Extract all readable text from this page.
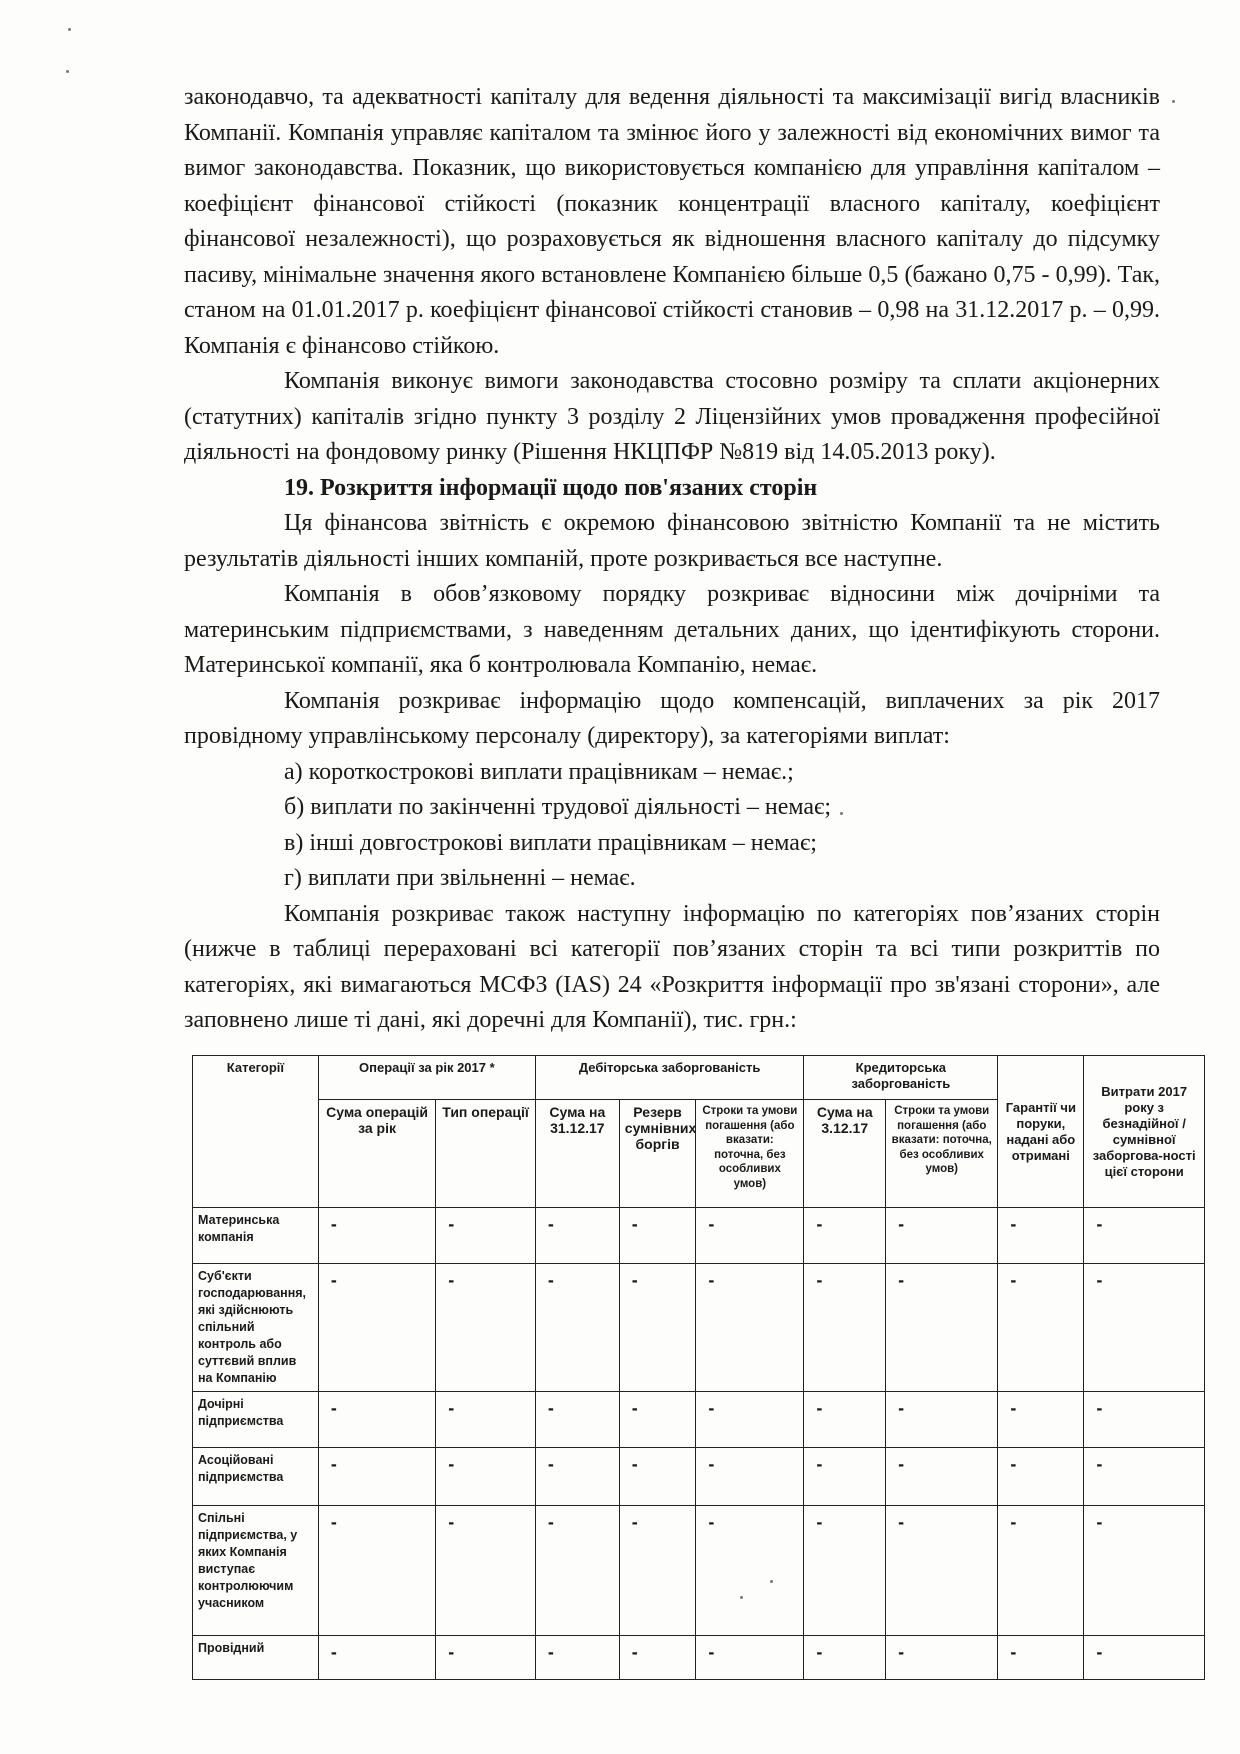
законодавчо, та адекватності капіталу для ведення діяльності та максимізації вигід власників Компанії. Компанія управляє капіталом та змінює його у залежності від економічних вимог та вимог законодавства. Показник, що використовується компанією для управління капіталом – коефіцієнт фінансової стійкості (показник концентрації власного капіталу, коефіцієнт фінансової незалежності), що розраховується як відношення власного капіталу до підсумку пасиву, мінімальне значення якого встановлене Компанією більше 0,5 (бажано 0,75 - 0,99). Так, станом на 01.01.2017 р. коефіцієнт фінансової стійкості становив – 0,98 на 31.12.2017 р. – 0,99. Компанія є фінансово стійкою.

Компанія виконує вимоги законодавства стосовно розміру та сплати акціонерних (статутних) капіталів згідно пункту 3 розділу 2 Ліцензійних умов провадження професійної діяльності на фондовому ринку (Рішення НКЦПФР №819 від 14.05.2013 року).

19. Розкриття інформації щодо пов'язаних сторін

Ця фінансова звітність є окремою фінансовою звітністю Компанії та не містить результатів діяльності інших компаній, проте розкривається все наступне.

Компанія в обов’язковому порядку розкриває відносини між дочірніми та материнським підприємствами, з наведенням детальних даних, що ідентифікують сторони. Материнської компанії, яка б контролювала Компанію, немає.

Компанія розкриває інформацію щодо компенсацій, виплачених за рік 2017 провідному управлінському персоналу (директору), за категоріями виплат:

а) короткострокові виплати працівникам – немає.;

б) виплати по закінченні трудової діяльності – немає;

в) інші довгострокові виплати працівникам – немає;

г) виплати при звільненні – немає.

Компанія розкриває також наступну інформацію по категоріях пов’язаних сторін (нижче в таблиці перераховані всі категорії пов’язаних сторін та всі типи розкриттів по категоріях, які вимагаються МСФЗ (IAS) 24 «Розкриття інформації про зв'язані сторони», але заповнено лише ті дані, які доречні для Компанії), тис. грн.:

Категорії	Операції за рік 2017 *		Дебіторська заборгованість			Кредиторська заборгованість		Гарантії чи поруки, надані або отримані	Витрати 2017 року з безнадійної / сумнівної заборгова-ності цієї сторони
	Сума операцій за рік	Тип операції	Сума на 31.12.17	Резерв сумнівних боргів	Строки та умови погашення (або вказати: поточна, без особливих умов)	Сума на 3.12.17	Строки та умови погашення (або вказати: поточна, без особливих умов)		
Материнська компанія	-	-	-	-	-	-	-	-	-
Суб'єкти господарювання, які здійснюють спільний контроль або суттєвий вплив на Компанію	-	-	-	-	-	-	-	-	-
Дочірні підприємства	-	-	-	-	-	-	-	-	-
Асоційовані підприємства	-	-	-	-	-	-	-	-	-
Спільні підприємства, у яких Компанія виступає контролюючим учасником	-	-	-	-	-	-	-	-	-
Провідний	-	-	-	-	-	-	-	-	-
